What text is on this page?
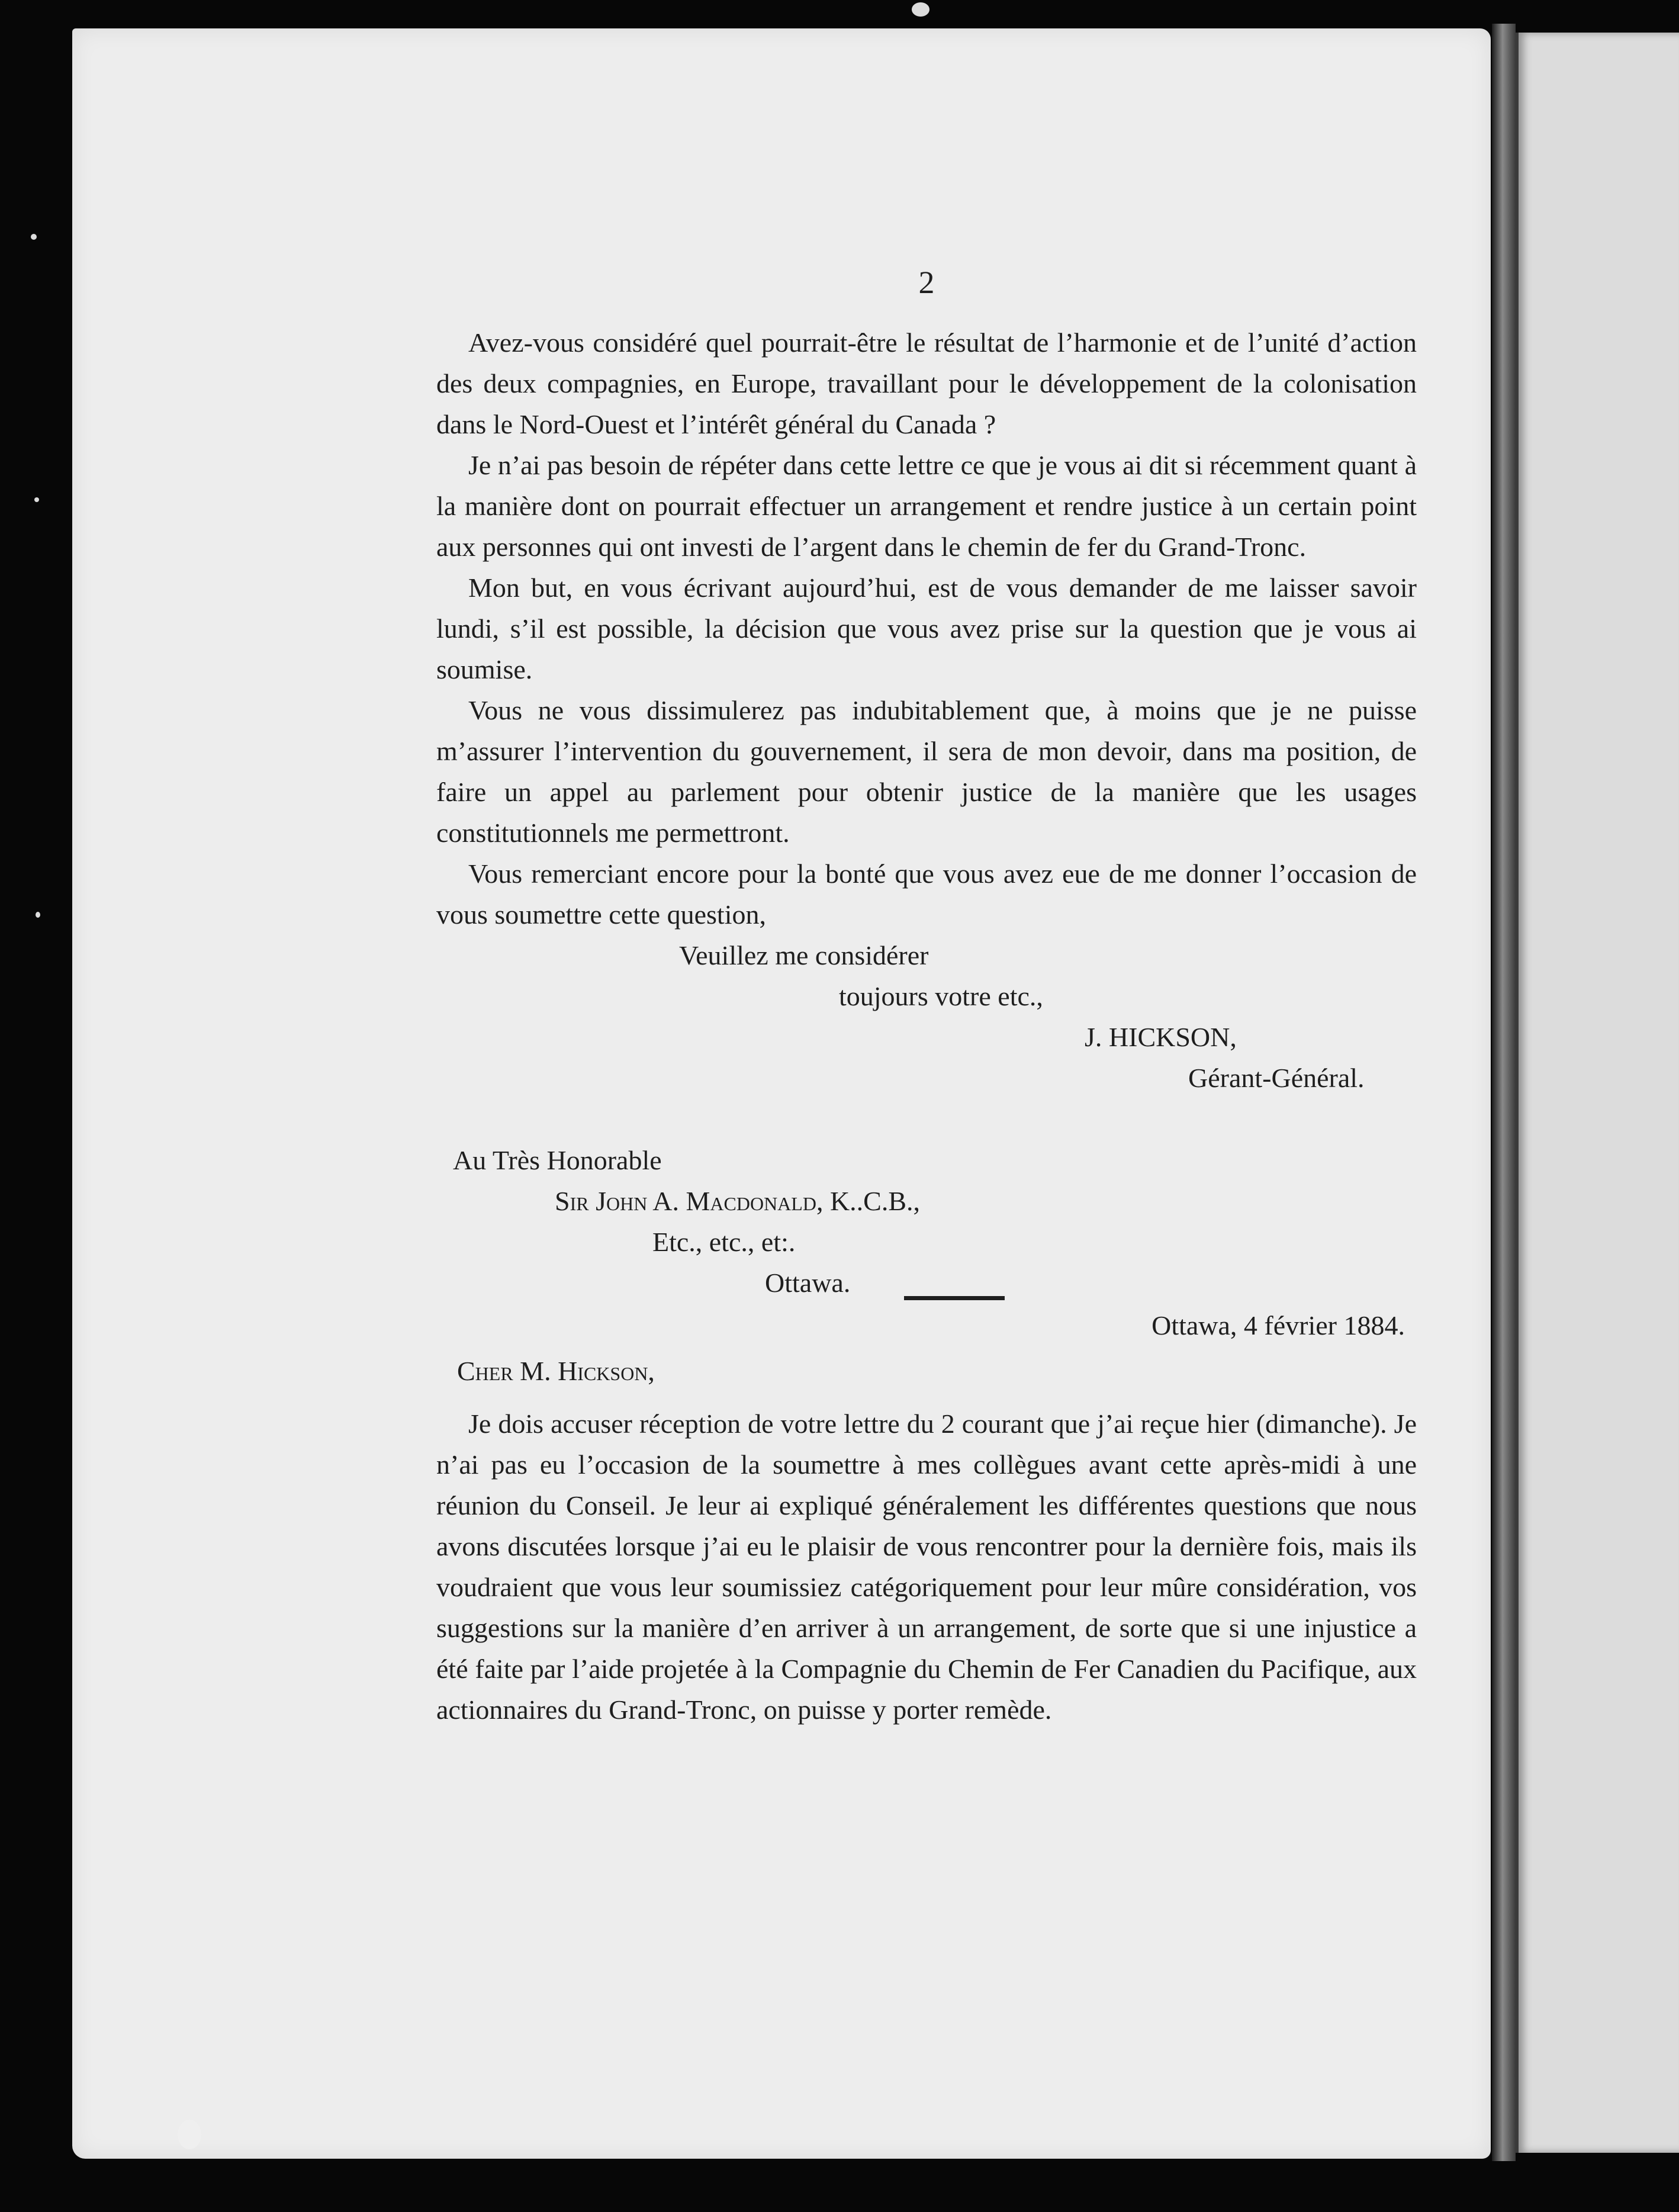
2

Avez-vous considéré quel pourrait-être le résultat de l’harmonie et de l’unité d’action des deux compagnies, en Europe, travaillant pour le développement de la colonisation dans le Nord-Ouest et l’intérêt général du Canada ?

Je n’ai pas besoin de répéter dans cette lettre ce que je vous ai dit si récemment quant à la manière dont on pourrait effectuer un arrangement et rendre justice à un certain point aux personnes qui ont investi de l’argent dans le chemin de fer du Grand-Tronc.

Mon but, en vous écrivant aujourd’hui, est de vous demander de me laisser savoir lundi, s’il est possible, la décision que vous avez prise sur la question que je vous ai soumise.

Vous ne vous dissimulerez pas indubitablement que, à moins que je ne puisse m’assurer l’intervention du gouvernement, il sera de mon devoir, dans ma position, de faire un appel au parlement pour obtenir justice de la manière que les usages constitutionnels me permettront.

Vous remerciant encore pour la bonté que vous avez eue de me donner l’occasion de vous soumettre cette question,

Veuillez me considérer

toujours votre etc.,

J. HICKSON,

Gérant-Général.

Au Très Honorable

Sir John A. Macdonald, K..C.B.,

Etc., etc., et:.

Ottawa.

Ottawa, 4 février 1884.

Cher M. Hickson,

Je dois accuser réception de votre lettre du 2 courant que j’ai reçue hier (dimanche). Je n’ai pas eu l’occasion de la soumettre à mes collègues avant cette après-midi à une réunion du Conseil. Je leur ai expliqué généralement les différentes questions que nous avons discutées lorsque j’ai eu le plaisir de vous rencontrer pour la dernière fois, mais ils voudraient que vous leur soumissiez catégoriquement pour leur mûre considération, vos suggestions sur la manière d’en arriver à un arrangement, de sorte que si une injustice a été faite par l’aide projetée à la Compagnie du Chemin de Fer Canadien du Pacifique, aux actionnaires du Grand-Tronc, on puisse y porter remède.
